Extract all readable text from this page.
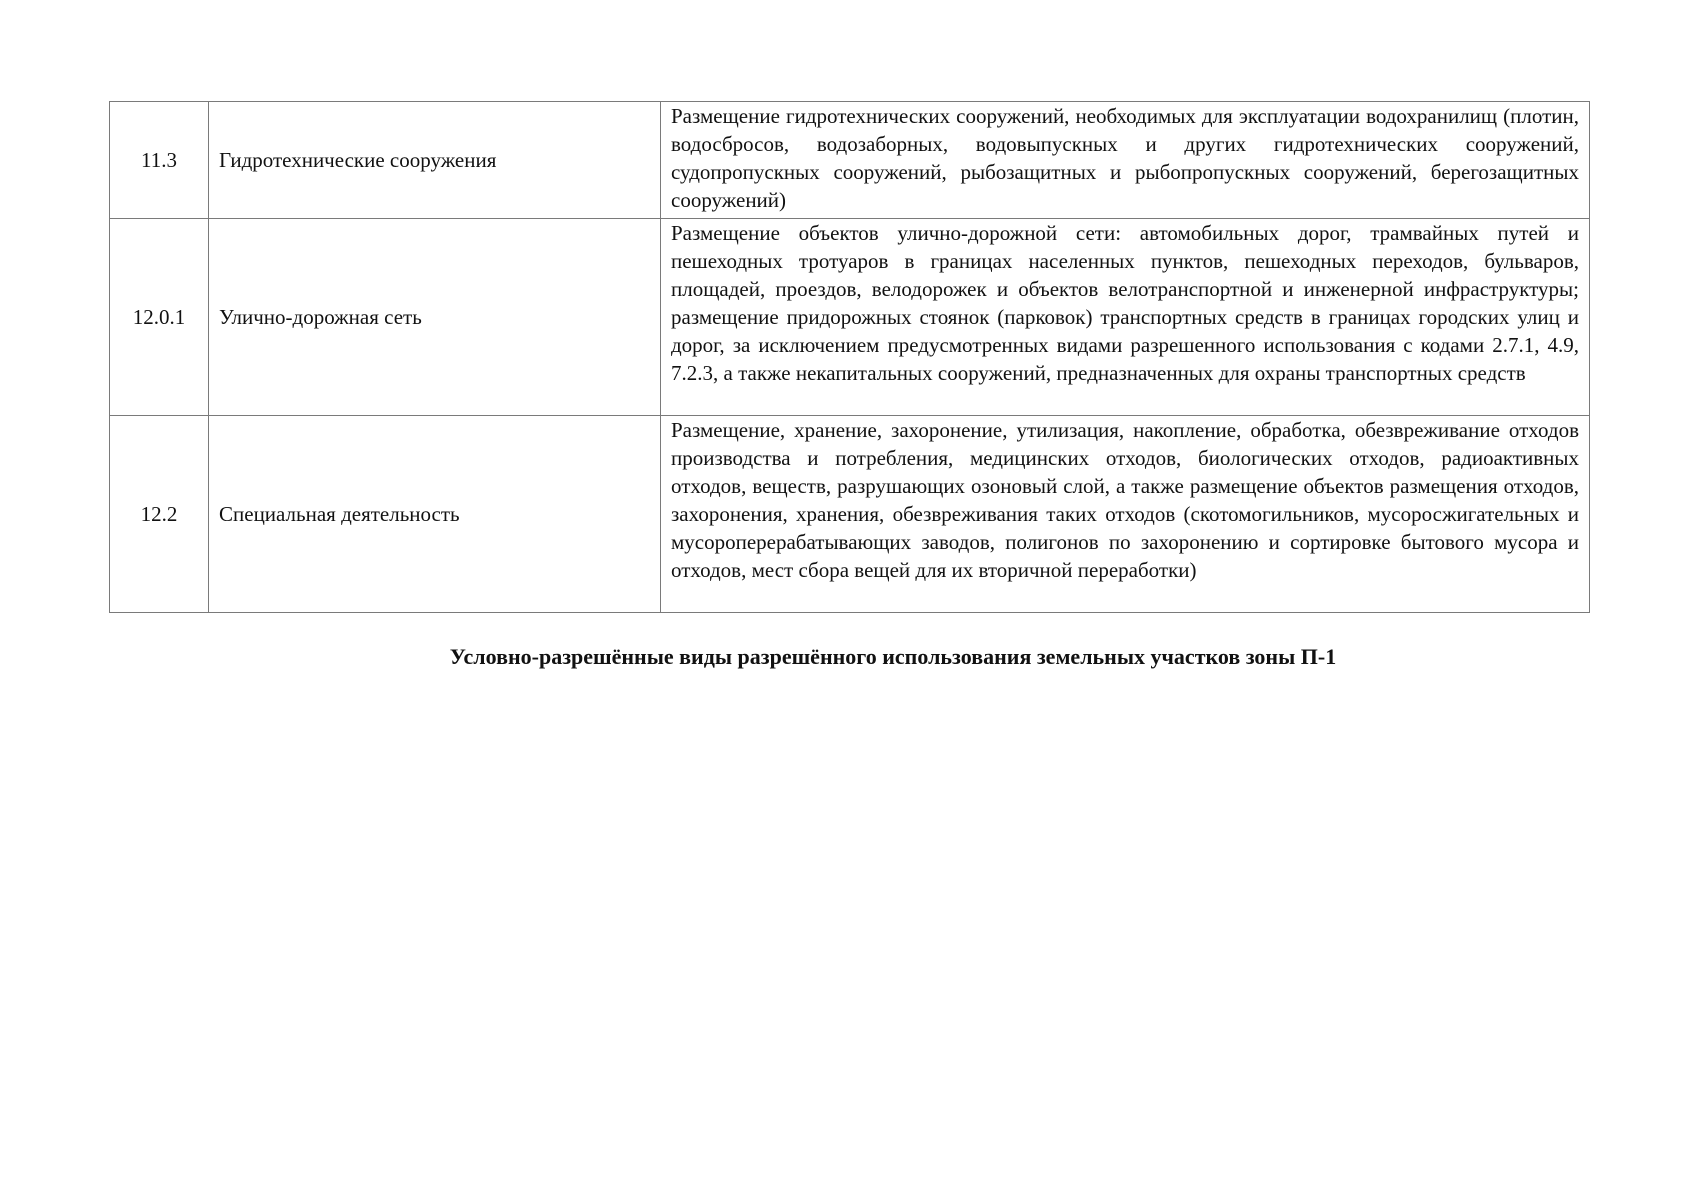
11.3	Гидротехнические сооружения	Размещение гидротехнических сооружений, необходимых для эксплуатации водохранилищ (плотин, водосбросов, водозаборных, водовыпускных и других гидротехнических сооружений, судопропускных сооружений, рыбозащитных и рыбопропускных сооружений, берегозащитных сооружений)
12.0.1	Улично-дорожная сеть	Размещение объектов улично-дорожной сети: автомобильных дорог, трамвайных путей и пешеходных тротуаров в границах населенных пунктов, пешеходных переходов, бульваров, площадей, проездов, велодорожек и объектов велотранспортной и инженерной инфраструктуры; размещение придорожных стоянок (парковок) транспортных средств в границах городских улиц и дорог, за исключением предусмотренных видами разрешенного использования с кодами 2.7.1, 4.9, 7.2.3, а также некапитальных сооружений, предназначенных для охраны транспортных средств
12.2	Специальная деятельность	Размещение, хранение, захоронение, утилизация, накопление, обработка, обезвреживание отходов производства и потребления, медицинских отходов, биологических отходов, радиоактивных отходов, веществ, разрушающих озоновый слой, а также размещение объектов размещения отходов, захоронения, хранения, обезвреживания таких отходов (скотомогильников, мусоросжигательных и мусороперерабатывающих заводов, полигонов по захоронению и сортировке бытового мусора и отходов, мест сбора вещей для их вторичной переработки)
Условно-разрешённые виды разрешённого использования земельных участков зоны П-1
